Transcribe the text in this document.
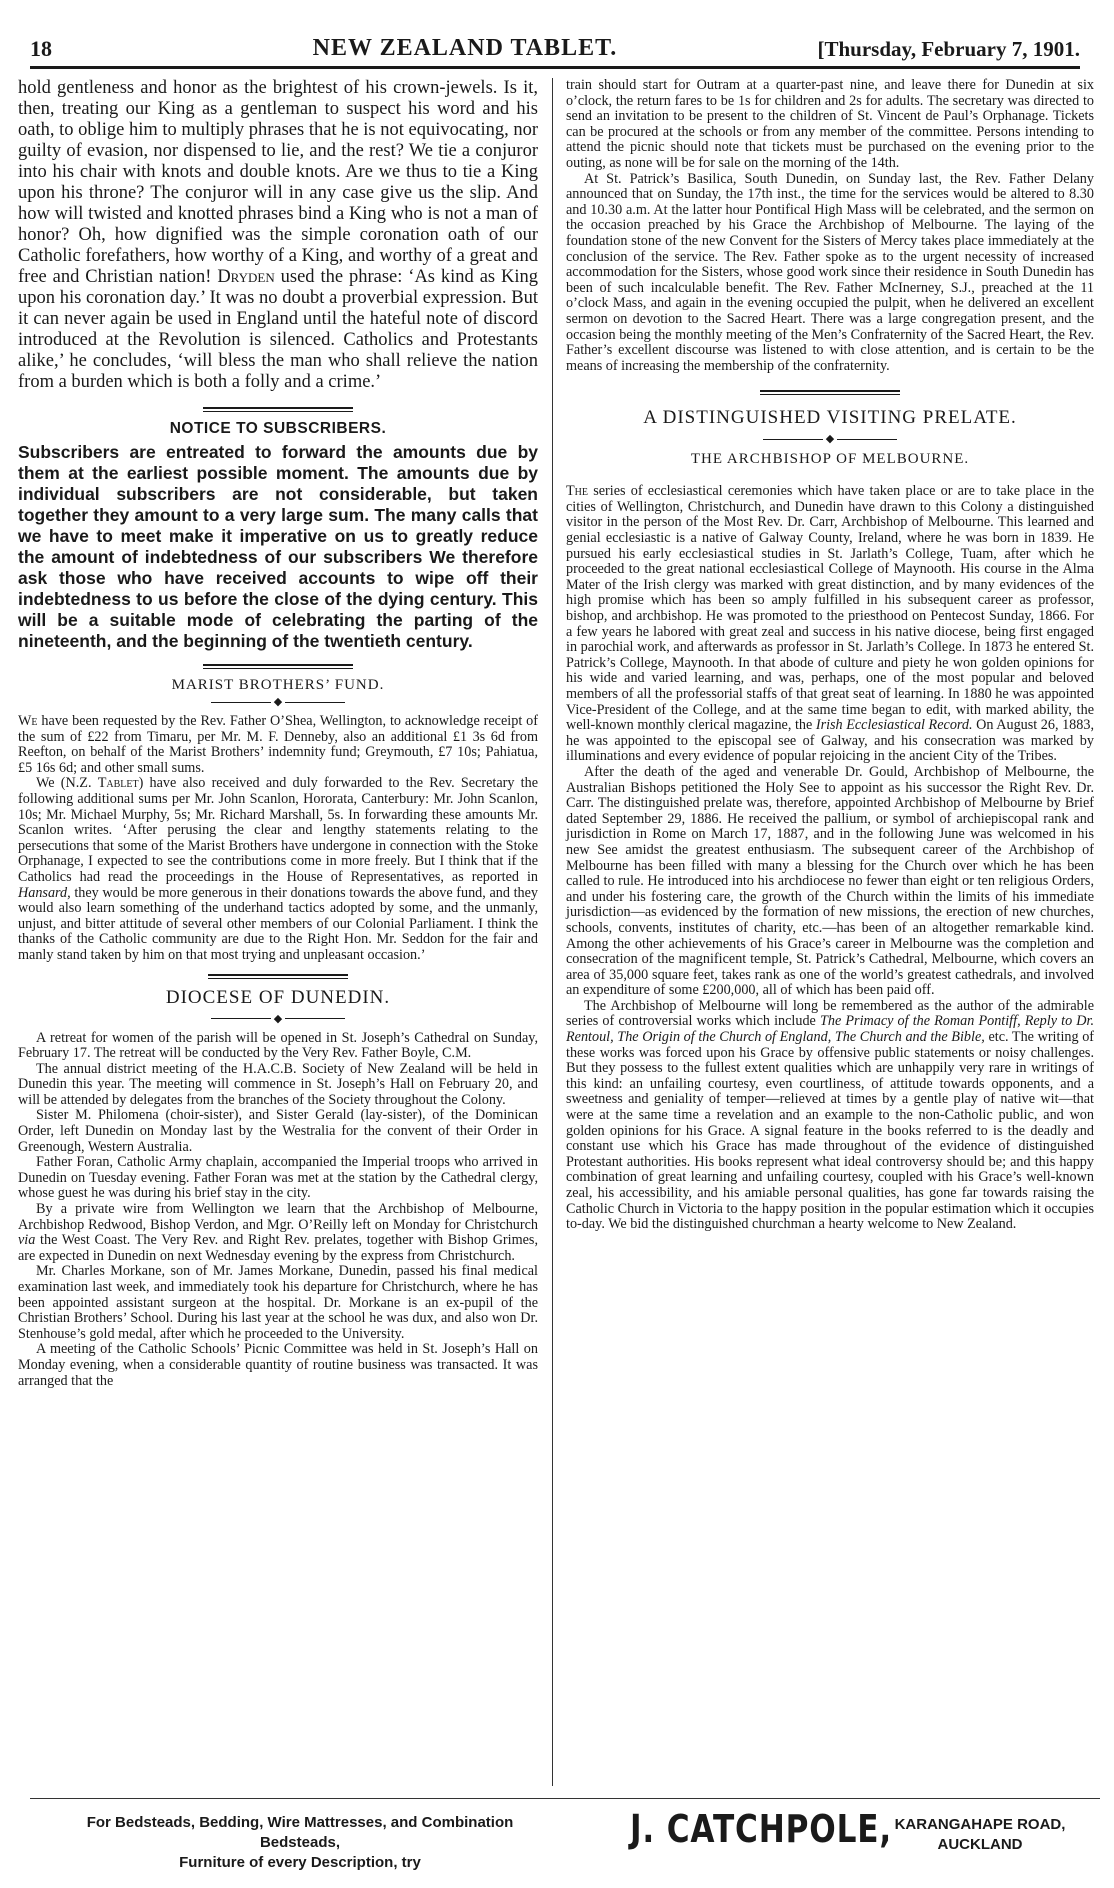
18	NEW ZEALAND TABLET.	[Thursday, February 7, 1901.

hold gentleness and honor as the brightest of his crown-jewels. Is it, then, treating our King as a gentleman to suspect his word and his oath, to oblige him to multiply phrases that he is not equivocating, nor guilty of evasion, nor dispensed to lie, and the rest? We tie a conjuror into his chair with knots and double knots. Are we thus to tie a King upon his throne? The conjuror will in any case give us the slip. And how will twisted and knotted phrases bind a King who is not a man of honor? Oh, how dignified was the simple coronation oath of our Catholic forefathers, how worthy of a King, and worthy of a great and free and Christian nation! Dryden used the phrase: ‘As kind as King upon his coronation day.’ It was no doubt a proverbial expression. But it can never again be used in England until the hateful note of discord introduced at the Revolution is silenced. Catholics and Protestants alike,’ he concludes, ‘will bless the man who shall relieve the nation from a burden which is both a folly and a crime.’

NOTICE TO SUBSCRIBERS.

Subscribers are entreated to forward the amounts due by them at the earliest possible moment. The amounts due by individual subscribers are not considerable, but taken together they amount to a very large sum. The many calls that we have to meet make it imperative on us to greatly reduce the amount of indebtedness of our subscribers We therefore ask those who have received accounts to wipe off their indebtedness to us before the close of the dying century. This will be a suitable mode of celebrating the parting of the nineteenth, and the beginning of the twentieth century.

MARIST BROTHERS’ FUND.
◆

We have been requested by the Rev. Father O’Shea, Wellington, to acknowledge receipt of the sum of £22 from Timaru, per Mr. M. F. Denneby, also an additional £1 3s 6d from Reefton, on behalf of the Marist Brothers’ indemnity fund; Greymouth, £7 10s; Pahiatua, £5 16s 6d; and other small sums.

We (N.Z. Tablet) have also received and duly forwarded to the Rev. Secretary the following additional sums per Mr. John Scanlon, Hororata, Canterbury: Mr. John Scanlon, 10s; Mr. Michael Murphy, 5s; Mr. Richard Marshall, 5s. In forwarding these amounts Mr. Scanlon writes. ‘After perusing the clear and lengthy statements relating to the persecutions that some of the Marist Brothers have undergone in connection with the Stoke Orphanage, I expected to see the contributions come in more freely. But I think that if the Catholics had read the proceedings in the House of Representatives, as reported in Hansard, they would be more generous in their donations towards the above fund, and they would also learn something of the underhand tactics adopted by some, and the unmanly, unjust, and bitter attitude of several other members of our Colonial Parliament. I think the thanks of the Catholic community are due to the Right Hon. Mr. Seddon for the fair and manly stand taken by him on that most trying and unpleasant occasion.’

DIOCESE OF DUNEDIN.
◆

A retreat for women of the parish will be opened in St. Joseph’s Cathedral on Sunday, February 17. The retreat will be conducted by the Very Rev. Father Boyle, C.M.

The annual district meeting of the H.A.C.B. Society of New Zealand will be held in Dunedin this year. The meeting will commence in St. Joseph’s Hall on February 20, and will be attended by delegates from the branches of the Society throughout the Colony.

Sister M. Philomena (choir-sister), and Sister Gerald (lay-sister), of the Dominican Order, left Dunedin on Monday last by the Westralia for the convent of their Order in Greenough, Western Australia.

Father Foran, Catholic Army chaplain, accompanied the Imperial troops who arrived in Dunedin on Tuesday evening. Father Foran was met at the station by the Cathedral clergy, whose guest he was during his brief stay in the city.

By a private wire from Wellington we learn that the Archbishop of Melbourne, Archbishop Redwood, Bishop Verdon, and Mgr. O’Reilly left on Monday for Christchurch via the West Coast. The Very Rev. and Right Rev. prelates, together with Bishop Grimes, are expected in Dunedin on next Wednesday evening by the express from Christchurch.

Mr. Charles Morkane, son of Mr. James Morkane, Dunedin, passed his final medical examination last week, and immediately took his departure for Christchurch, where he has been appointed assistant surgeon at the hospital. Dr. Morkane is an ex-pupil of the Christian Brothers’ School. During his last year at the school he was dux, and also won Dr. Stenhouse’s gold medal, after which he proceeded to the University.

A meeting of the Catholic Schools’ Picnic Committee was held in St. Joseph’s Hall on Monday evening, when a considerable quantity of routine business was transacted. It was arranged that the

train should start for Outram at a quarter-past nine, and leave there for Dunedin at six o’clock, the return fares to be 1s for children and 2s for adults. The secretary was directed to send an invitation to be present to the children of St. Vincent de Paul’s Orphanage. Tickets can be procured at the schools or from any member of the committee. Persons intending to attend the picnic should note that tickets must be purchased on the evening prior to the outing, as none will be for sale on the morning of the 14th.

At St. Patrick’s Basilica, South Dunedin, on Sunday last, the Rev. Father Delany announced that on Sunday, the 17th inst., the time for the services would be altered to 8.30 and 10.30 a.m. At the latter hour Pontifical High Mass will be celebrated, and the sermon on the occasion preached by his Grace the Archbishop of Melbourne. The laying of the foundation stone of the new Convent for the Sisters of Mercy takes place immediately at the conclusion of the service. The Rev. Father spoke as to the urgent necessity of increased accommodation for the Sisters, whose good work since their residence in South Dunedin has been of such incalculable benefit. The Rev. Father McInerney, S.J., preached at the 11 o’clock Mass, and again in the evening occupied the pulpit, when he delivered an excellent sermon on devotion to the Sacred Heart. There was a large congregation present, and the occasion being the monthly meeting of the Men’s Confraternity of the Sacred Heart, the Rev. Father’s excellent discourse was listened to with close attention, and is certain to be the means of increasing the membership of the confraternity.

A DISTINGUISHED VISITING PRELATE.
◆
THE ARCHBISHOP OF MELBOURNE.

The series of ecclesiastical ceremonies which have taken place or are to take place in the cities of Wellington, Christchurch, and Dunedin have drawn to this Colony a distinguished visitor in the person of the Most Rev. Dr. Carr, Archbishop of Melbourne. This learned and genial ecclesiastic is a native of Galway County, Ireland, where he was born in 1839. He pursued his early ecclesiastical studies in St. Jarlath’s College, Tuam, after which he proceeded to the great national ecclesiastical College of Maynooth. His course in the Alma Mater of the Irish clergy was marked with great distinction, and by many evidences of the high promise which has been so amply fulfilled in his subsequent career as professor, bishop, and archbishop. He was promoted to the priesthood on Pentecost Sunday, 1866. For a few years he labored with great zeal and success in his native diocese, being first engaged in parochial work, and afterwards as professor in St. Jarlath’s College. In 1873 he entered St. Patrick’s College, Maynooth. In that abode of culture and piety he won golden opinions for his wide and varied learning, and was, perhaps, one of the most popular and beloved members of all the professorial staffs of that great seat of learning. In 1880 he was appointed Vice-President of the College, and at the same time began to edit, with marked ability, the well-known monthly clerical magazine, the Irish Ecclesiastical Record. On August 26, 1883, he was appointed to the episcopal see of Galway, and his consecration was marked by illuminations and every evidence of popular rejoicing in the ancient City of the Tribes.

After the death of the aged and venerable Dr. Gould, Archbishop of Melbourne, the Australian Bishops petitioned the Holy See to appoint as his successor the Right Rev. Dr. Carr. The distinguished prelate was, therefore, appointed Archbishop of Melbourne by Brief dated September 29, 1886. He received the pallium, or symbol of archiepiscopal rank and jurisdiction in Rome on March 17, 1887, and in the following June was welcomed in his new See amidst the greatest enthusiasm. The subsequent career of the Archbishop of Melbourne has been filled with many a blessing for the Church over which he has been called to rule. He introduced into his archdiocese no fewer than eight or ten religious Orders, and under his fostering care, the growth of the Church within the limits of his immediate jurisdiction—as evidenced by the formation of new missions, the erection of new churches, schools, convents, institutes of charity, etc.—has been of an altogether remarkable kind. Among the other achievements of his Grace’s career in Melbourne was the completion and consecration of the magnificent temple, St. Patrick’s Cathedral, Melbourne, which covers an area of 35,000 square feet, takes rank as one of the world’s greatest cathedrals, and involved an expenditure of some £200,000, all of which has been paid off.

The Archbishop of Melbourne will long be remembered as the author of the admirable series of controversial works which include The Primacy of the Roman Pontiff, Reply to Dr. Rentoul, The Origin of the Church of England, The Church and the Bible, etc. The writing of these works was forced upon his Grace by offensive public statements or noisy challenges. But they possess to the fullest extent qualities which are unhappily very rare in writings of this kind: an unfailing courtesy, even courtliness, of attitude towards opponents, and a sweetness and geniality of temper—relieved at times by a gentle play of native wit—that were at the same time a revelation and an example to the non-Catholic public, and won golden opinions for his Grace. A signal feature in the books referred to is the deadly and constant use which his Grace has made throughout of the evidence of distinguished Protestant authorities. His books represent what ideal controversy should be; and this happy combination of great learning and unfailing courtesy, coupled with his Grace’s well-known zeal, his accessibility, and his amiable personal qualities, has gone far towards raising the Catholic Church in Victoria to the happy position in the popular estimation which it occupies to-day. We bid the distinguished churchman a hearty welcome to New Zealand.

For Bedsteads, Bedding, Wire Mattresses, and Combination Bedsteads,
Furniture of every Description, try
J. CATCHPOLE, KARANGAHAPE ROAD,
AUCKLAND
